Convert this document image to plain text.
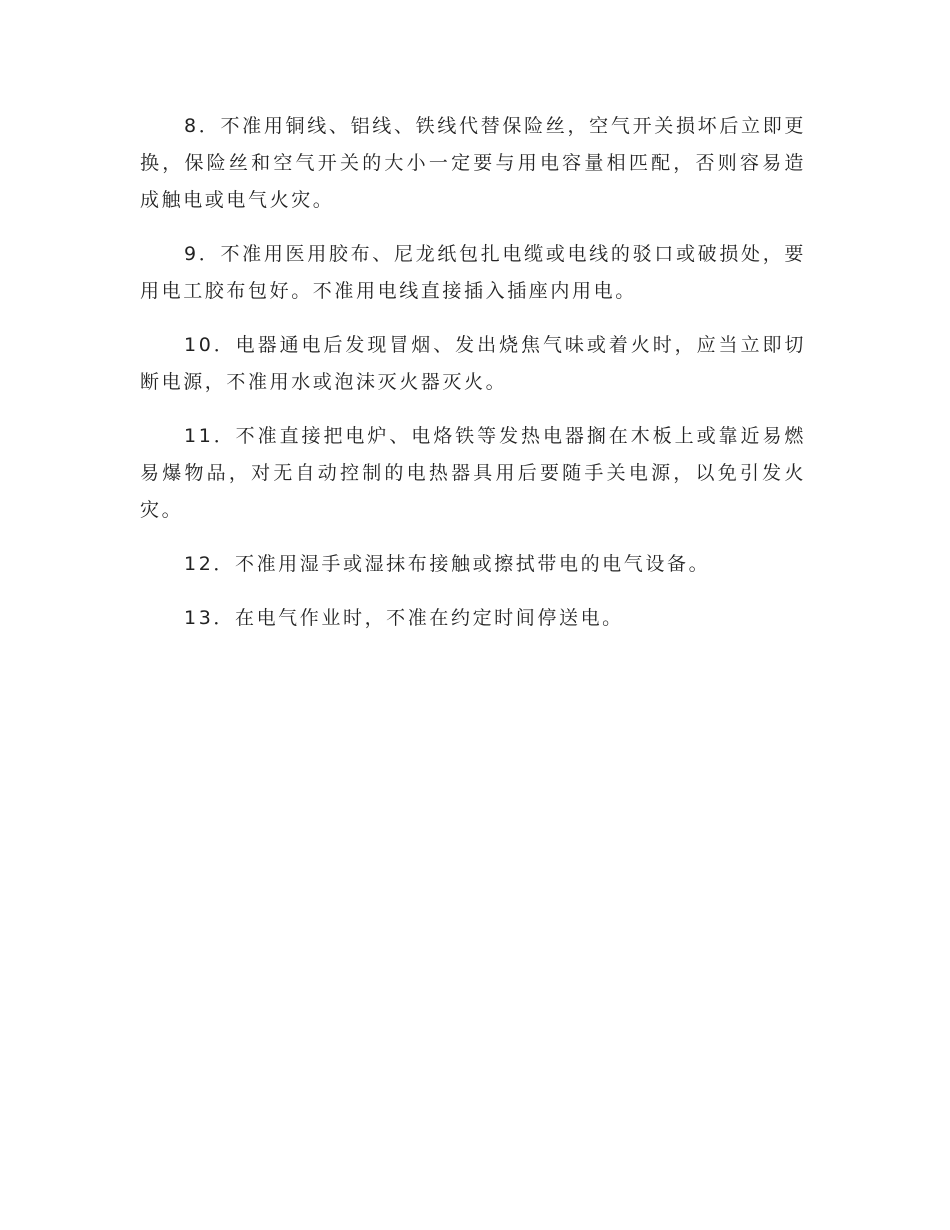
8．不准用铜线、铝线、铁线代替保险丝，空气开关损坏后立即更换，保险丝和空气开关的大小一定要与用电容量相匹配，否则容易造成触电或电气火灾。

9．不准用医用胶布、尼龙纸包扎电缆或电线的驳口或破损处，要用电工胶布包好。不准用电线直接插入插座内用电。

10．电器通电后发现冒烟、发出烧焦气味或着火时，应当立即切断电源，不准用水或泡沫灭火器灭火。

11．不准直接把电炉、电烙铁等发热电器搁在木板上或靠近易燃易爆物品，对无自动控制的电热器具用后要随手关电源，以免引发火灾。

12．不准用湿手或湿抹布接触或擦拭带电的电气设备。

13．在电气作业时，不准在约定时间停送电。
